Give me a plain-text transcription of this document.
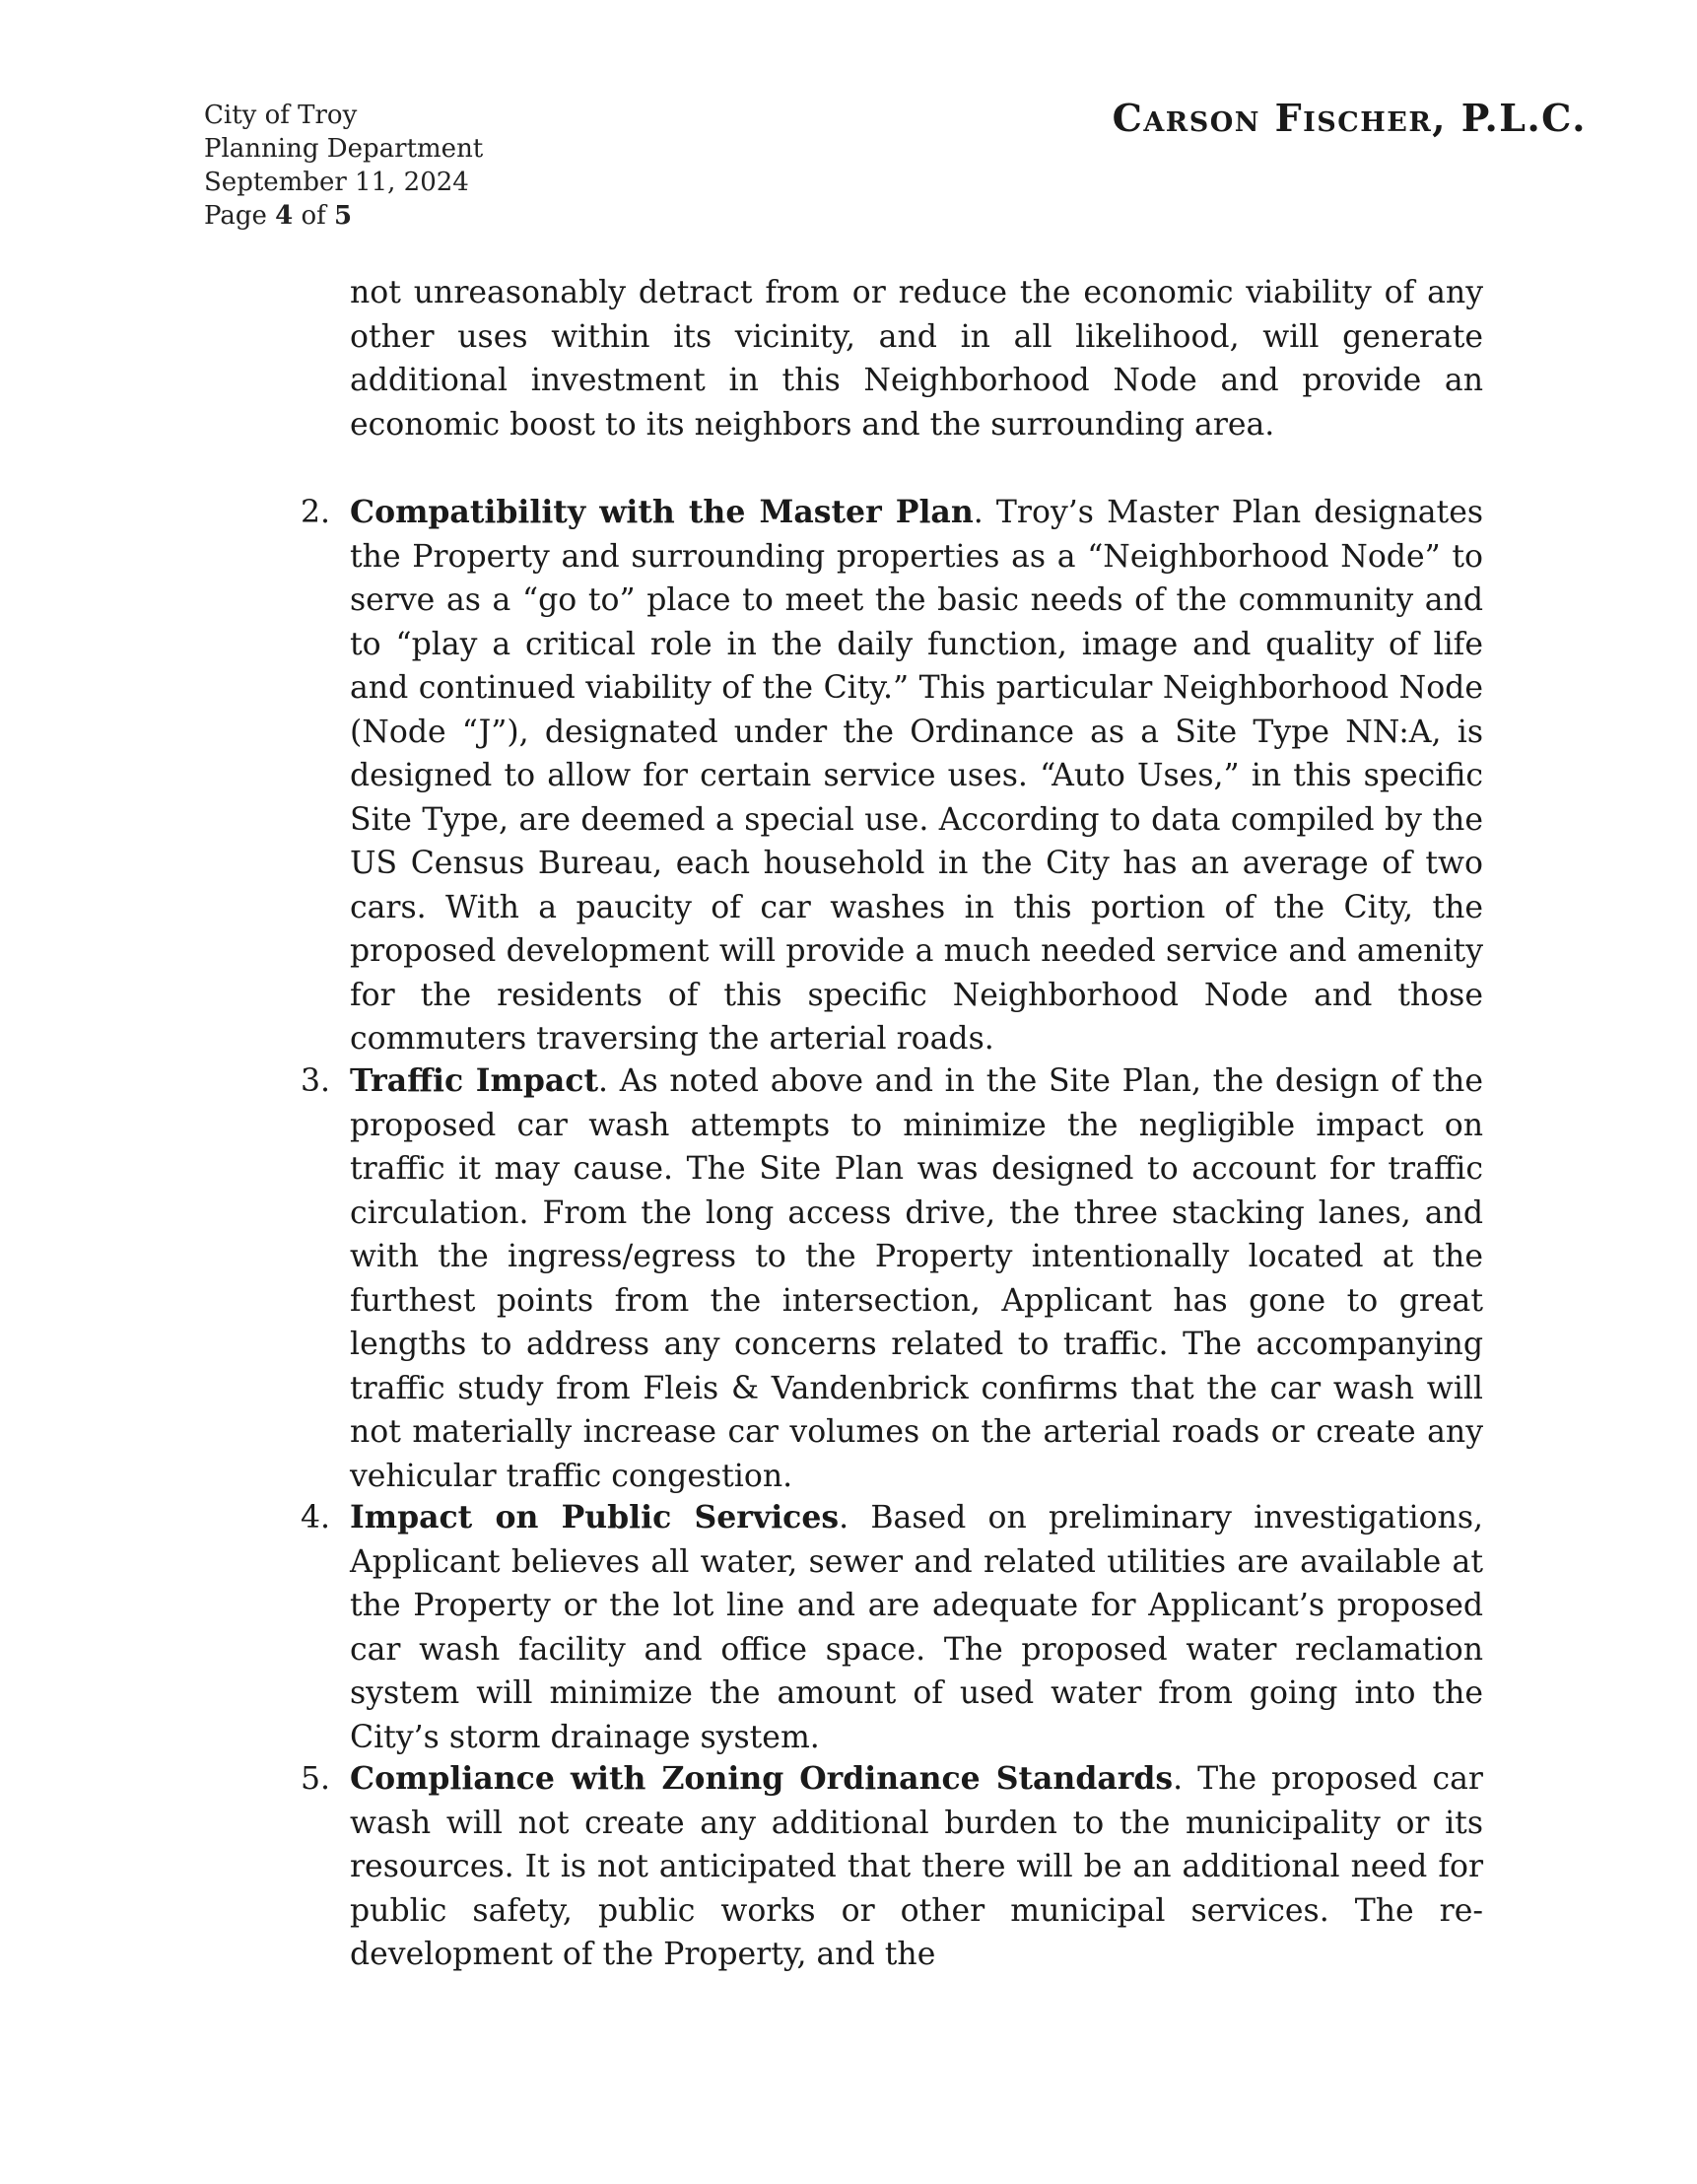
City of Troy
Planning Department
September 11, 2024
Page 4 of 5
Carson Fischer, P.L.C.
not unreasonably detract from or reduce the economic viability of any other uses within its vicinity, and in all likelihood, will generate additional investment in this Neighborhood Node and provide an economic boost to its neighbors and the surrounding area.
2. Compatibility with the Master Plan. Troy’s Master Plan designates the Property and surrounding properties as a “Neighborhood Node” to serve as a “go to” place to meet the basic needs of the community and to “play a critical role in the daily function, image and quality of life and continued viability of the City.” This particular Neighborhood Node (Node “J”), designated under the Ordinance as a Site Type NN:A, is designed to allow for certain service uses. “Auto Uses,” in this specific Site Type, are deemed a special use. According to data compiled by the US Census Bureau, each household in the City has an average of two cars. With a paucity of car washes in this portion of the City, the proposed development will provide a much needed service and amenity for the residents of this specific Neighborhood Node and those commuters traversing the arterial roads.
3. Traffic Impact. As noted above and in the Site Plan, the design of the proposed car wash attempts to minimize the negligible impact on traffic it may cause. The Site Plan was designed to account for traffic circulation. From the long access drive, the three stacking lanes, and with the ingress/egress to the Property intentionally located at the furthest points from the intersection, Applicant has gone to great lengths to address any concerns related to traffic. The accompanying traffic study from Fleis & Vandenbrick confirms that the car wash will not materially increase car volumes on the arterial roads or create any vehicular traffic congestion.
4. Impact on Public Services. Based on preliminary investigations, Applicant believes all water, sewer and related utilities are available at the Property or the lot line and are adequate for Applicant’s proposed car wash facility and office space. The proposed water reclamation system will minimize the amount of used water from going into the City’s storm drainage system.
5. Compliance with Zoning Ordinance Standards. The proposed car wash will not create any additional burden to the municipality or its resources. It is not anticipated that there will be an additional need for public safety, public works or other municipal services. The re-development of the Property, and the
